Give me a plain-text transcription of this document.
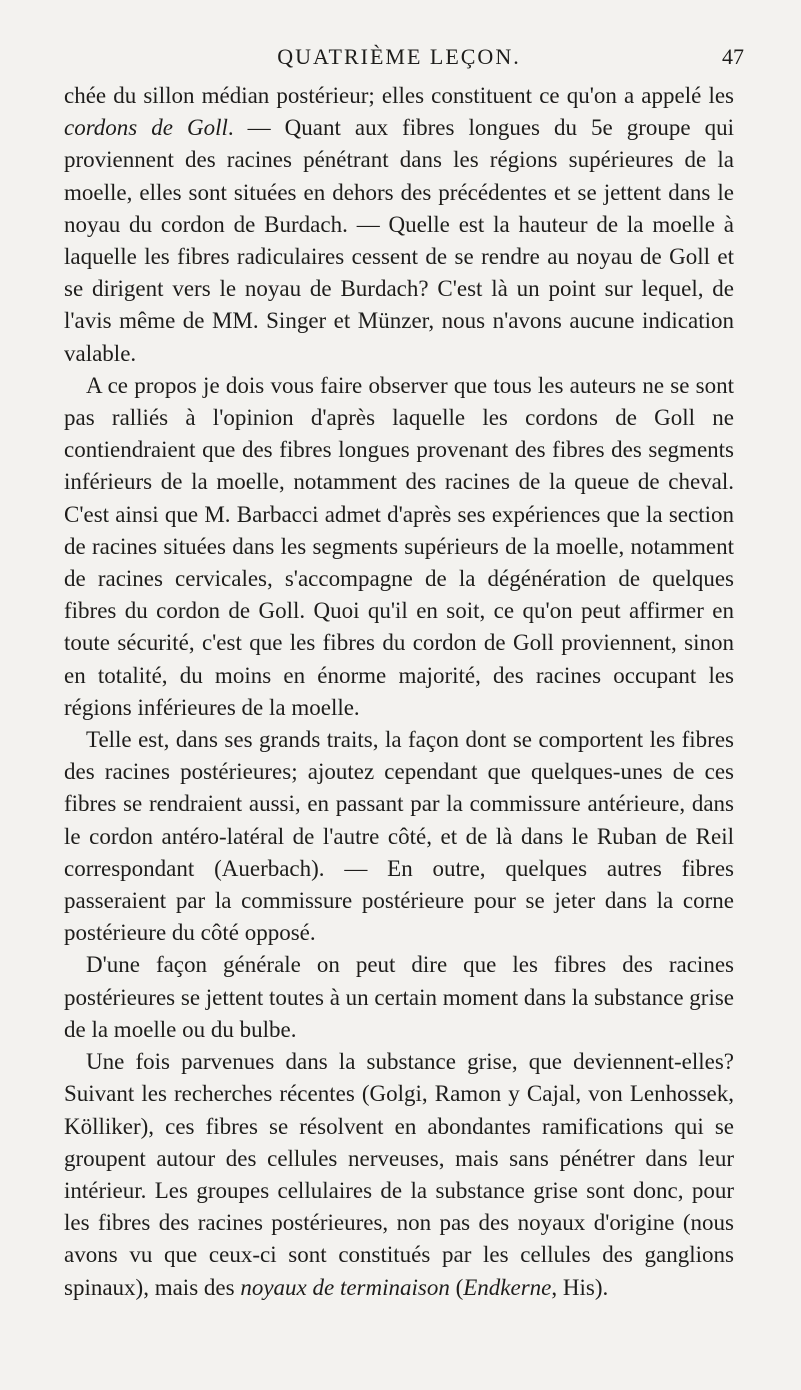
QUATRIÈME LEÇON.	47

chée du sillon médian postérieur; elles constituent ce qu'on a appelé les cordons de Goll. — Quant aux fibres longues du 5e groupe qui proviennent des racines pénétrant dans les régions supérieures de la moelle, elles sont situées en dehors des précédentes et se jettent dans le noyau du cordon de Burdach. — Quelle est la hauteur de la moelle à laquelle les fibres radiculaires cessent de se rendre au noyau de Goll et se dirigent vers le noyau de Burdach? C'est là un point sur lequel, de l'avis même de MM. Singer et Münzer, nous n'avons aucune indication valable.

A ce propos je dois vous faire observer que tous les auteurs ne se sont pas ralliés à l'opinion d'après laquelle les cordons de Goll ne contiendraient que des fibres longues provenant des fibres des segments inférieurs de la moelle, notamment des racines de la queue de cheval. C'est ainsi que M. Barbacci admet d'après ses expériences que la section de racines situées dans les segments supérieurs de la moelle, notamment de racines cervicales, s'accompagne de la dégénération de quelques fibres du cordon de Goll. Quoi qu'il en soit, ce qu'on peut affirmer en toute sécurité, c'est que les fibres du cordon de Goll proviennent, sinon en totalité, du moins en énorme majorité, des racines occupant les régions inférieures de la moelle.

Telle est, dans ses grands traits, la façon dont se comportent les fibres des racines postérieures; ajoutez cependant que quelques-unes de ces fibres se rendraient aussi, en passant par la commissure antérieure, dans le cordon antéro-latéral de l'autre côté, et de là dans le Ruban de Reil correspondant (Auerbach). — En outre, quelques autres fibres passeraient par la commissure postérieure pour se jeter dans la corne postérieure du côté opposé.

D'une façon générale on peut dire que les fibres des racines postérieures se jettent toutes à un certain moment dans la substance grise de la moelle ou du bulbe.

Une fois parvenues dans la substance grise, que deviennent-elles? Suivant les recherches récentes (Golgi, Ramon y Cajal, von Lenhossek, Kölliker), ces fibres se résolvent en abondantes ramifications qui se groupent autour des cellules nerveuses, mais sans pénétrer dans leur intérieur. Les groupes cellulaires de la substance grise sont donc, pour les fibres des racines postérieures, non pas des noyaux d'origine (nous avons vu que ceux-ci sont constitués par les cellules des ganglions spinaux), mais des noyaux de terminaison (Endkerne, His).
